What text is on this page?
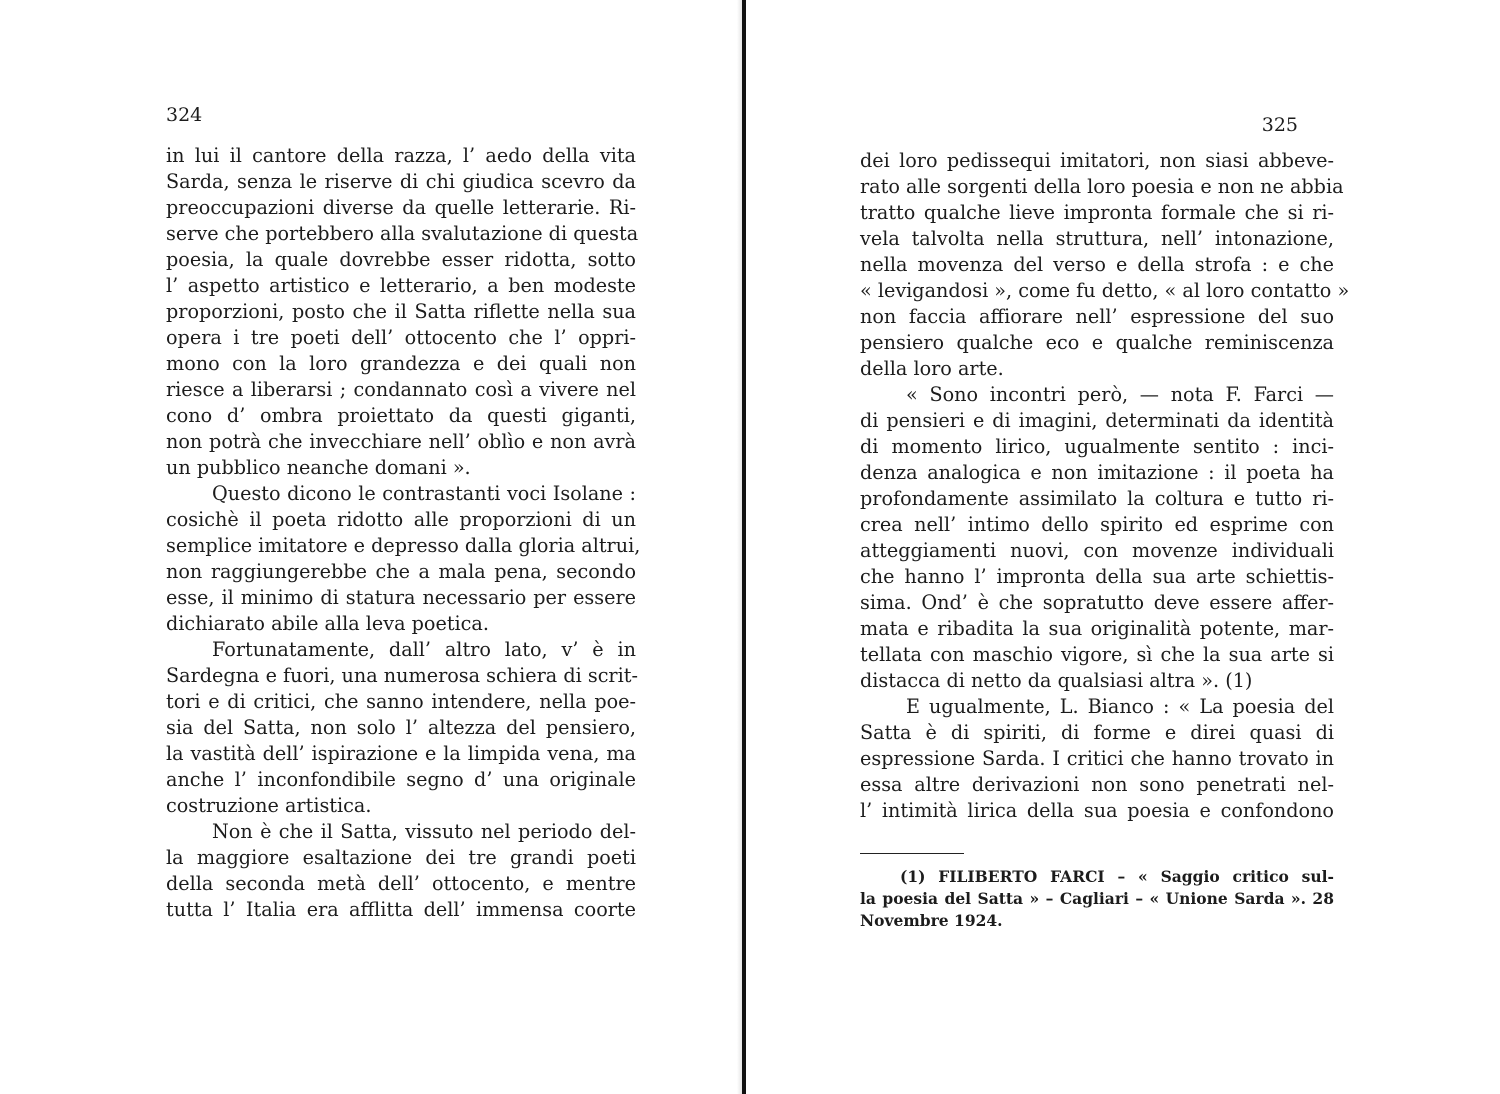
324
in lui il cantore della razza, l’ aedo della vita
Sarda, senza le riserve di chi giudica scevro da
preoccupazioni diverse da quelle letterarie. Ri-
serve che portebbero alla svalutazione di questa
poesia, la quale dovrebbe esser ridotta, sotto
l’ aspetto artistico e letterario, a ben modeste
proporzioni, posto che il Satta riflette nella sua
opera i tre poeti dell’ ottocento che l’ oppri-
mono con la loro grandezza e dei quali non
riesce a liberarsi ; condannato così a vivere nel
cono d’ ombra proiettato da questi giganti,
non potrà che invecchiare nell’ oblìo e non avrà
un pubblico neanche domani ».
Questo dicono le contrastanti voci Isolane :
cosichè il poeta ridotto alle proporzioni di un
semplice imitatore e depresso dalla gloria altrui,
non raggiungerebbe che a mala pena, secondo
esse, il minimo di statura necessario per essere
dichiarato abile alla leva poetica.
Fortunatamente, dall’ altro lato, v’ è in
Sardegna e fuori, una numerosa schiera di scrit-
tori e di critici, che sanno intendere, nella poe-
sia del Satta, non solo l’ altezza del pensiero,
la vastità dell’ ispirazione e la limpida vena, ma
anche l’ inconfondibile segno d’ una originale
costruzione artistica.
Non è che il Satta, vissuto nel periodo del-
la maggiore esaltazione dei tre grandi poeti
della seconda metà dell’ ottocento, e mentre
tutta l’ Italia era afflitta dell’ immensa coorte
325
dei loro pedissequi imitatori, non siasi abbeve-
rato alle sorgenti della loro poesia e non ne abbia
tratto qualche lieve impronta formale che si ri-
vela talvolta nella struttura, nell’ intonazione,
nella movenza del verso e della strofa : e che
« levigandosi », come fu detto, « al loro contatto »
non faccia affiorare nell’ espressione del suo
pensiero qualche eco e qualche reminiscenza
della loro arte.
« Sono incontri però, — nota F. Farci —
di pensieri e di imagini, determinati da identità
di momento lirico, ugualmente sentito : inci-
denza analogica e non imitazione : il poeta ha
profondamente assimilato la coltura e tutto ri-
crea nell’ intimo dello spirito ed esprime con
atteggiamenti nuovi, con movenze individuali
che hanno l’ impronta della sua arte schiettis-
sima. Ond’ è che sopratutto deve essere affer-
mata e ribadita la sua originalità potente, mar-
tellata con maschio vigore, sì che la sua arte si
distacca di netto da qualsiasi altra ». (1)
E ugualmente, L. Bianco : « La poesia del
Satta è di spiriti, di forme e direi quasi di
espressione Sarda. I critici che hanno trovato in
essa altre derivazioni non sono penetrati nel-
l’ intimità lirica della sua poesia e confondono
(1) FILIBERTO FARCI – « Saggio critico sul-
la poesia del Satta » – Cagliari – « Unione Sarda ». 28
Novembre 1924.
